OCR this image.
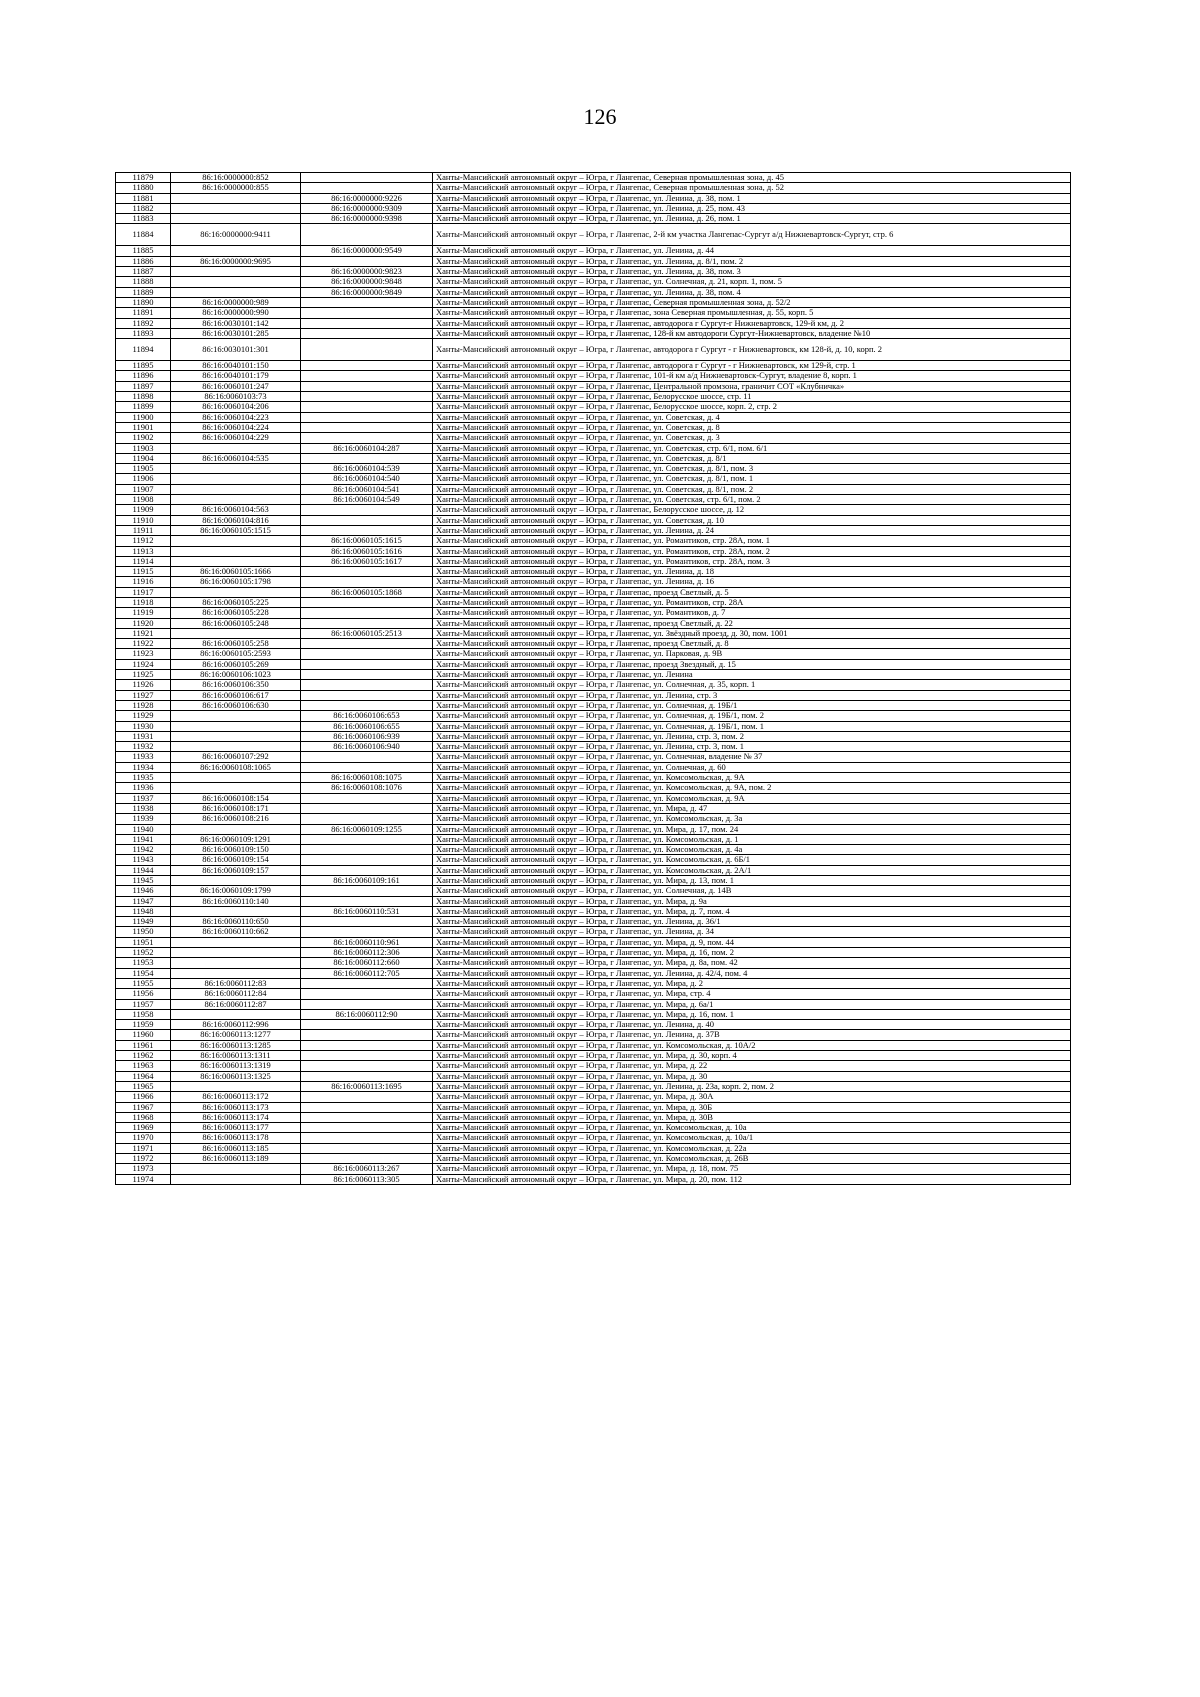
126
11879	86:16:0000000:852		Ханты-Мансийский автономный округ – Югра, г Лангепас, Северная промышленная зона, д. 45
11880	86:16:0000000:855		Ханты-Мансийский автономный округ – Югра, г Лангепас, Северная промышленная зона, д. 52
11881		86:16:0000000:9226	Ханты-Мансийский автономный округ – Югра, г Лангепас, ул. Ленина, д. 38, пом. 1
11882		86:16:0000000:9309	Ханты-Мансийский автономный округ – Югра, г Лангепас, ул. Ленина, д. 25, пом. 43
11883		86:16:0000000:9398	Ханты-Мансийский автономный округ – Югра, г Лангепас, ул. Ленина, д. 26, пом. 1
11884	86:16:0000000:9411		Ханты-Мансийский автономный округ – Югра, г Лангепас, 2-й км участка Лангепас-Сургут а/д Нижневартовск-Сургут, стр. 6
11885		86:16:0000000:9549	Ханты-Мансийский автономный округ – Югра, г Лангепас, ул. Ленина, д. 44
11886	86:16:0000000:9695		Ханты-Мансийский автономный округ – Югра, г Лангепас, ул. Ленина, д. 8/1, пом. 2
11887		86:16:0000000:9823	Ханты-Мансийский автономный округ – Югра, г Лангепас, ул. Ленина, д. 38, пом. 3
11888		86:16:0000000:9848	Ханты-Мансийский автономный округ – Югра, г Лангепас, ул. Солнечная, д. 21, корп. 1, пом. 5
11889		86:16:0000000:9849	Ханты-Мансийский автономный округ – Югра, г Лангепас, ул. Ленина, д. 38, пом. 4
11890	86:16:0000000:989		Ханты-Мансийский автономный округ – Югра, г Лангепас, Северная промышленная зона, д. 52/2
11891	86:16:0000000:990		Ханты-Мансийский автономный округ – Югра, г Лангепас, зона Северная промышленная, д. 55, корп. 5
11892	86:16:0030101:142		Ханты-Мансийский автономный округ – Югра, г Лангепас, автодорога г Сургут-г Нижневартовск, 129-й км, д. 2
11893	86:16:0030101:285		Ханты-Мансийский автономный округ – Югра, г Лангепас, 128-й км автодороги Сургут-Нижневартовск, владение №10
11894	86:16:0030101:301		Ханты-Мансийский автономный округ – Югра, г Лангепас, автодорога г Сургут - г Нижневартовск, км 128-й, д. 10, корп. 2
11895	86:16:0040101:150		Ханты-Мансийский автономный округ – Югра, г Лангепас, автодорога г Сургут - г Нижневартовск, км 129-й, стр. 1
11896	86:16:0040101:179		Ханты-Мансийский автономный округ – Югра, г Лангепас, 101-й км а/д Нижневартовск-Сургут, владение 8, корп. 1
11897	86:16:0060101:247		Ханты-Мансийский автономный округ – Югра, г Лангепас, Центральной промзона, граничит СОТ «Клубничка»
11898	86:16:0060103:73		Ханты-Мансийский автономный округ – Югра, г Лангепас, Белорусское шоссе, стр. 11
11899	86:16:0060104:206		Ханты-Мансийский автономный округ – Югра, г Лангепас, Белорусское шоссе, корп. 2, стр. 2
11900	86:16:0060104:223		Ханты-Мансийский автономный округ – Югра, г Лангепас, ул. Советская, д. 4
11901	86:16:0060104:224		Ханты-Мансийский автономный округ – Югра, г Лангепас, ул. Советская, д. 8
11902	86:16:0060104:229		Ханты-Мансийский автономный округ – Югра, г Лангепас, ул. Советская, д. 3
11903		86:16:0060104:287	Ханты-Мансийский автономный округ – Югра, г Лангепас, ул. Советская, стр. 6/1, пом. 6/1
11904	86:16:0060104:535		Ханты-Мансийский автономный округ – Югра, г Лангепас, ул. Советская, д. 8/1
11905		86:16:0060104:539	Ханты-Мансийский автономный округ – Югра, г Лангепас, ул. Советская, д. 8/1, пом. 3
11906		86:16:0060104:540	Ханты-Мансийский автономный округ – Югра, г Лангепас, ул. Советская, д. 8/1, пом. 1
11907		86:16:0060104:541	Ханты-Мансийский автономный округ – Югра, г Лангепас, ул. Советская, д. 8/1, пом. 2
11908		86:16:0060104:549	Ханты-Мансийский автономный округ – Югра, г Лангепас, ул. Советская, стр. 6/1, пом. 2
11909	86:16:0060104:563		Ханты-Мансийский автономный округ – Югра, г Лангепас, Белорусское шоссе, д. 12
11910	86:16:0060104:816		Ханты-Мансийский автономный округ – Югра, г Лангепас, ул. Советская, д. 10
11911	86:16:0060105:1515		Ханты-Мансийский автономный округ – Югра, г Лангепас, ул. Ленина, д. 24
11912		86:16:0060105:1615	Ханты-Мансийский автономный округ – Югра, г Лангепас, ул. Романтиков, стр. 28А, пом. 1
11913		86:16:0060105:1616	Ханты-Мансийский автономный округ – Югра, г Лангепас, ул. Романтиков, стр. 28А, пом. 2
11914		86:16:0060105:1617	Ханты-Мансийский автономный округ – Югра, г Лангепас, ул. Романтиков, стр. 28А, пом. 3
11915	86:16:0060105:1666		Ханты-Мансийский автономный округ – Югра, г Лангепас, ул. Ленина, д. 18
11916	86:16:0060105:1798		Ханты-Мансийский автономный округ – Югра, г Лангепас, ул. Ленина, д. 16
11917		86:16:0060105:1868	Ханты-Мансийский автономный округ – Югра, г Лангепас, проезд Светлый, д. 5
11918	86:16:0060105:225		Ханты-Мансийский автономный округ – Югра, г Лангепас, ул. Романтиков, стр. 28А
11919	86:16:0060105:228		Ханты-Мансийский автономный округ – Югра, г Лангепас, ул. Романтиков, д. 7
11920	86:16:0060105:248		Ханты-Мансийский автономный округ – Югра, г Лангепас, проезд Светлый, д. 22
11921		86:16:0060105:2513	Ханты-Мансийский автономный округ – Югра, г Лангепас, ул. Звёздный проезд, д. 30, пом. 1001
11922	86:16:0060105:258		Ханты-Мансийский автономный округ – Югра, г Лангепас, проезд Светлый, д. 8
11923	86:16:0060105:2593		Ханты-Мансийский автономный округ – Югра, г Лангепас, ул. Парковая, д. 9В
11924	86:16:0060105:269		Ханты-Мансийский автономный округ – Югра, г Лангепас, проезд Звездный, д. 15
11925	86:16:0060106:1023		Ханты-Мансийский автономный округ – Югра, г Лангепас, ул. Ленина
11926	86:16:0060106:350		Ханты-Мансийский автономный округ – Югра, г Лангепас, ул. Солнечная, д. 35, корп. 1
11927	86:16:0060106:617		Ханты-Мансийский автономный округ – Югра, г Лангепас, ул. Ленина, стр. 3
11928	86:16:0060106:630		Ханты-Мансийский автономный округ – Югра, г Лангепас, ул. Солнечная, д. 19Б/1
11929		86:16:0060106:653	Ханты-Мансийский автономный округ – Югра, г Лангепас, ул. Солнечная, д. 19Б/1, пом. 2
11930		86:16:0060106:655	Ханты-Мансийский автономный округ – Югра, г Лангепас, ул. Солнечная, д. 19Б/1, пом. 1
11931		86:16:0060106:939	Ханты-Мансийский автономный округ – Югра, г Лангепас, ул. Ленина, стр. 3, пом. 2
11932		86:16:0060106:940	Ханты-Мансийский автономный округ – Югра, г Лангепас, ул. Ленина, стр. 3, пом. 1
11933	86:16:0060107:292		Ханты-Мансийский автономный округ – Югра, г Лангепас, ул. Солнечная, владение № 37
11934	86:16:0060108:1065		Ханты-Мансийский автономный округ – Югра, г Лангепас, ул. Солнечная, д. 60
11935		86:16:0060108:1075	Ханты-Мансийский автономный округ – Югра, г Лангепас, ул. Комсомольская, д. 9А
11936		86:16:0060108:1076	Ханты-Мансийский автономный округ – Югра, г Лангепас, ул. Комсомольская, д. 9А, пом. 2
11937	86:16:0060108:154		Ханты-Мансийский автономный округ – Югра, г Лангепас, ул. Комсомольская, д. 9А
11938	86:16:0060108:171		Ханты-Мансийский автономный округ – Югра, г Лангепас, ул. Мира, д. 47
11939	86:16:0060108:216		Ханты-Мансийский автономный округ – Югра, г Лангепас, ул. Комсомольская, д. 3а
11940		86:16:0060109:1255	Ханты-Мансийский автономный округ – Югра, г Лангепас, ул. Мира, д. 17, пом. 24
11941	86:16:0060109:1291		Ханты-Мансийский автономный округ – Югра, г Лангепас, ул. Комсомольская, д. 1
11942	86:16:0060109:150		Ханты-Мансийский автономный округ – Югра, г Лангепас, ул. Комсомольская, д. 4а
11943	86:16:0060109:154		Ханты-Мансийский автономный округ – Югра, г Лангепас, ул. Комсомольская, д. 6Б/1
11944	86:16:0060109:157		Ханты-Мансийский автономный округ – Югра, г Лангепас, ул. Комсомольская, д. 2А/1
11945		86:16:0060109:161	Ханты-Мансийский автономный округ – Югра, г Лангепас, ул. Мира, д. 13, пом. 1
11946	86:16:0060109:1799		Ханты-Мансийский автономный округ – Югра, г Лангепас, ул. Солнечная, д. 14В
11947	86:16:0060110:140		Ханты-Мансийский автономный округ – Югра, г Лангепас, ул. Мира, д. 9а
11948		86:16:0060110:531	Ханты-Мансийский автономный округ – Югра, г Лангепас, ул. Мира, д. 7, пом. 4
11949	86:16:0060110:650		Ханты-Мансийский автономный округ – Югра, г Лангепас, ул. Ленина, д. 36/1
11950	86:16:0060110:662		Ханты-Мансийский автономный округ – Югра, г Лангепас, ул. Ленина, д. 34
11951		86:16:0060110:961	Ханты-Мансийский автономный округ – Югра, г Лангепас, ул. Мира, д. 9, пом. 44
11952		86:16:0060112:306	Ханты-Мансийский автономный округ – Югра, г Лангепас, ул. Мира, д. 16, пом. 2
11953		86:16:0060112:660	Ханты-Мансийский автономный округ – Югра, г Лангепас, ул. Мира, д. 8а, пом. 42
11954		86:16:0060112:705	Ханты-Мансийский автономный округ – Югра, г Лангепас, ул. Ленина, д. 42/4, пом. 4
11955	86:16:0060112:83		Ханты-Мансийский автономный округ – Югра, г Лангепас, ул. Мира, д. 2
11956	86:16:0060112:84		Ханты-Мансийский автономный округ – Югра, г Лангепас, ул. Мира, стр. 4
11957	86:16:0060112:87		Ханты-Мансийский автономный округ – Югра, г Лангепас, ул. Мира, д. 6а/1
11958		86:16:0060112:90	Ханты-Мансийский автономный округ – Югра, г Лангепас, ул. Мира, д. 16, пом. 1
11959	86:16:0060112:996		Ханты-Мансийский автономный округ – Югра, г Лангепас, ул. Ленина, д. 40
11960	86:16:0060113:1277		Ханты-Мансийский автономный округ – Югра, г Лангепас, ул. Ленина, д. 37В
11961	86:16:0060113:1285		Ханты-Мансийский автономный округ – Югра, г Лангепас, ул. Комсомольская, д. 10А/2
11962	86:16:0060113:1311		Ханты-Мансийский автономный округ – Югра, г Лангепас, ул. Мира, д. 30, корп. 4
11963	86:16:0060113:1319		Ханты-Мансийский автономный округ – Югра, г Лангепас, ул. Мира, д. 22
11964	86:16:0060113:1325		Ханты-Мансийский автономный округ – Югра, г Лангепас, ул. Мира, д. 30
11965		86:16:0060113:1695	Ханты-Мансийский автономный округ – Югра, г Лангепас, ул. Ленина, д. 23а, корп. 2, пом. 2
11966	86:16:0060113:172		Ханты-Мансийский автономный округ – Югра, г Лангепас, ул. Мира, д. 30А
11967	86:16:0060113:173		Ханты-Мансийский автономный округ – Югра, г Лангепас, ул. Мира, д. 30Б
11968	86:16:0060113:174		Ханты-Мансийский автономный округ – Югра, г Лангепас, ул. Мира, д. 30В
11969	86:16:0060113:177		Ханты-Мансийский автономный округ – Югра, г Лангепас, ул. Комсомольская, д. 10а
11970	86:16:0060113:178		Ханты-Мансийский автономный округ – Югра, г Лангепас, ул. Комсомольская, д. 10а/1
11971	86:16:0060113:185		Ханты-Мансийский автономный округ – Югра, г Лангепас, ул. Комсомольская, д. 22а
11972	86:16:0060113:189		Ханты-Мансийский автономный округ – Югра, г Лангепас, ул. Комсомольская, д. 26В
11973		86:16:0060113:267	Ханты-Мансийский автономный округ – Югра, г Лангепас, ул. Мира, д. 18, пом. 75
11974		86:16:0060113:305	Ханты-Мансийский автономный округ – Югра, г Лангепас, ул. Мира, д. 20, пом. 112
